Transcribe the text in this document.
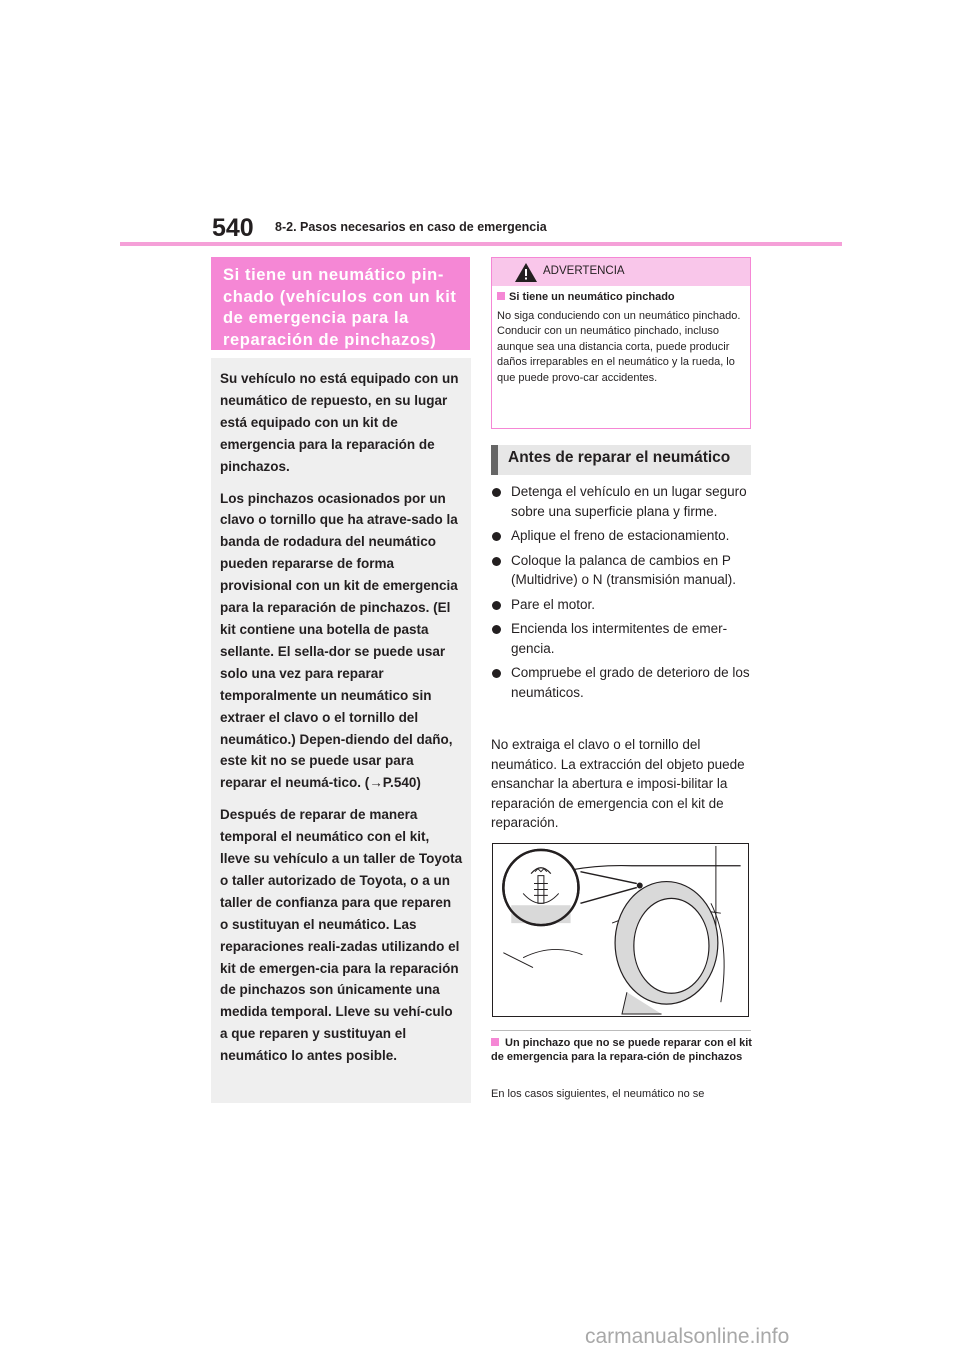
540 8-2. Pasos necesarios en caso de emergencia
Si tiene un neumático pin-chado (vehículos con un kit de emergencia para la reparación de pinchazos)

Su vehículo no está equipado con un neumático de repuesto, en su lugar está equipado con un kit de emergencia para la reparación de pinchazos.

Los pinchazos ocasionados por un clavo o tornillo que ha atrave-sado la banda de rodadura del neumático pueden repararse de forma provisional con un kit de emergencia para la reparación de pinchazos. (El kit contiene una botella de pasta sellante. El sella-dor se puede usar solo una vez para reparar temporalmente un neumático sin extraer el clavo o el tornillo del neumático.) Depen-diendo del daño, este kit no se puede usar para reparar el neumá-tico. (→P.540)

Después de reparar de manera temporal el neumático con el kit, lleve su vehículo a un taller de Toyota o taller autorizado de Toyota, o a un taller de confianza para que reparen o sustituyan el neumático. Las reparaciones reali-zadas utilizando el kit de emergen-cia para la reparación de pinchazos son únicamente una medida temporal. Lleve su vehí-culo a que reparen y sustituyan el neumático lo antes posible.

ADVERTENCIA
Si tiene un neumático pinchado

No siga conduciendo con un neumático pinchado.

Conducir con un neumático pinchado, incluso aunque sea una distancia corta, puede producir daños irreparables en el neumático y la rueda, lo que puede provo-car accidentes.

Antes de reparar el neumático
Detenga el vehículo en un lugar seguro sobre una superficie plana y firme.
Aplique el freno de estacionamiento.
Coloque la palanca de cambios en P (Multidrive) o N (transmisión manual).
Pare el motor.
Encienda los intermitentes de emer-gencia.
Compruebe el grado de deterioro de los neumáticos.
No extraiga el clavo o el tornillo del neumático. La extracción del objeto puede ensanchar la abertura e imposi-bilitar la reparación de emergencia con el kit de reparación.
Un pinchazo que no se puede reparar con el kit de emergencia para la repara-ción de pinchazos
En los casos siguientes, el neumático no se
carmanualsonline.info
